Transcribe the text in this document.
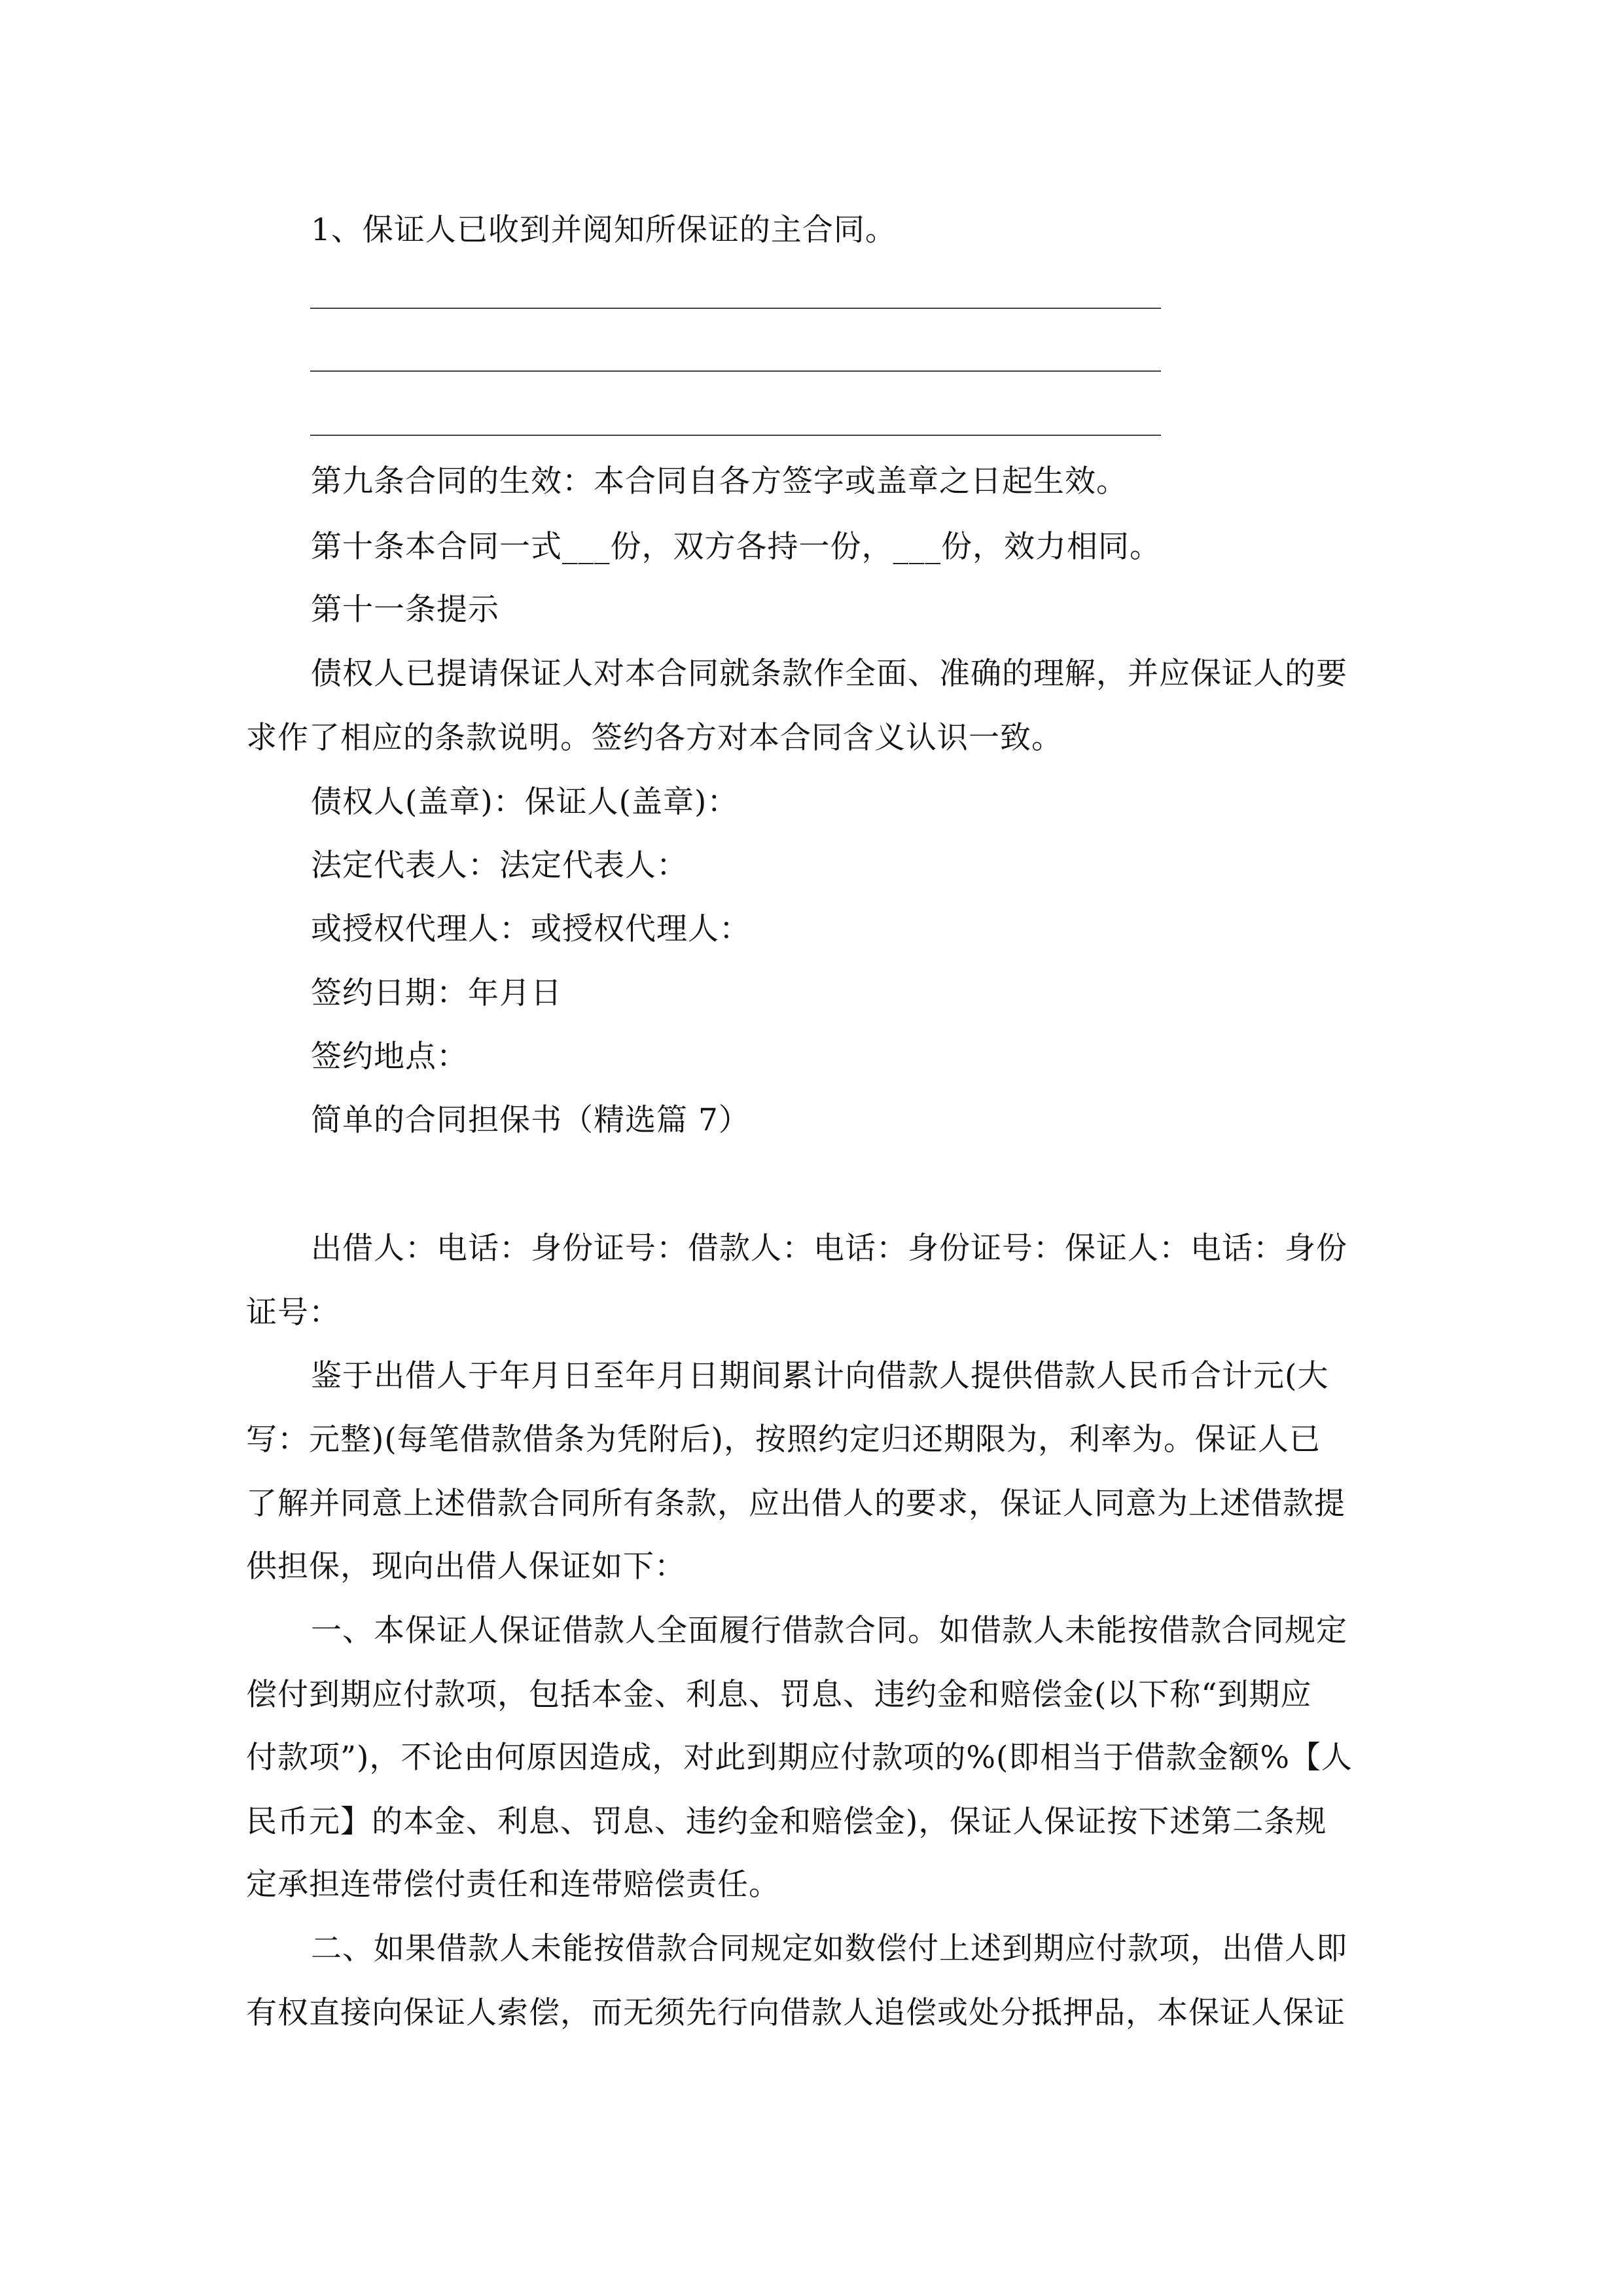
1、保证人已收到并阅知所保证的主合同。
第九条合同的生效：本合同自各方签字或盖章之日起生效。
第十条本合同一式___份，双方各持一份，___份，效力相同。
第十一条提示
债权人已提请保证人对本合同就条款作全面、准确的理解，并应保证人的要
求作了相应的条款说明。签约各方对本合同含义认识一致。
债权人(盖章)：保证人(盖章)：
法定代表人：法定代表人：
或授权代理人：或授权代理人：
签约日期：年月日
签约地点：
简单的合同担保书（精选篇 7）
出借人：电话：身份证号：借款人：电话：身份证号：保证人：电话：身份
证号：
鉴于出借人于年月日至年月日期间累计向借款人提供借款人民币合计元(大
写：元整)(每笔借款借条为凭附后)，按照约定归还期限为，利率为。保证人已
了解并同意上述借款合同所有条款，应出借人的要求，保证人同意为上述借款提
供担保，现向出借人保证如下：
一、本保证人保证借款人全面履行借款合同。如借款人未能按借款合同规定
偿付到期应付款项，包括本金、利息、罚息、违约金和赔偿金(以下称“到期应
付款项”)，不论由何原因造成，对此到期应付款项的%(即相当于借款金额%【人
民币元】的本金、利息、罚息、违约金和赔偿金)，保证人保证按下述第二条规
定承担连带偿付责任和连带赔偿责任。
二、如果借款人未能按借款合同规定如数偿付上述到期应付款项，出借人即
有权直接向保证人索偿，而无须先行向借款人追偿或处分抵押品，本保证人保证
